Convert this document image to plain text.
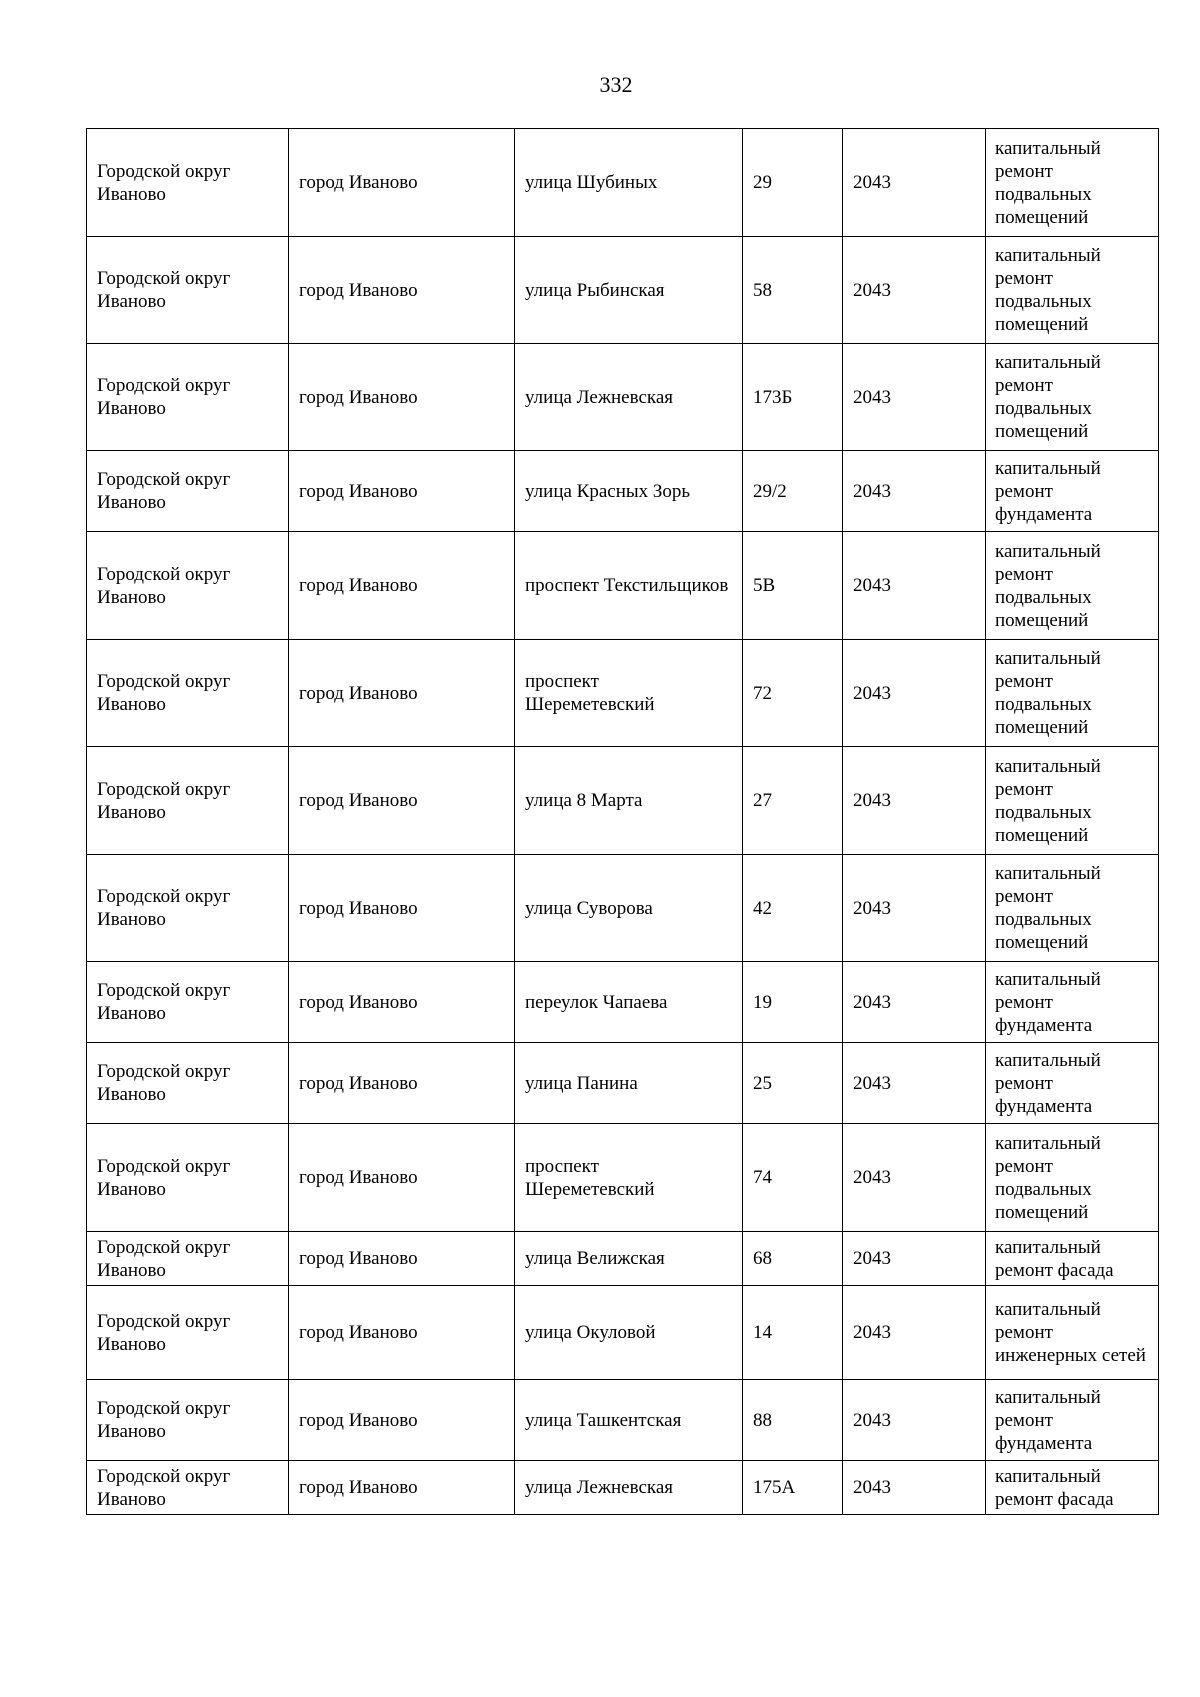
332
Городской округ Иваново	город Иваново	улица Шубиных	29	2043	капитальный ремонт подвальных помещений
Городской округ Иваново	город Иваново	улица Рыбинская	58	2043	капитальный ремонт подвальных помещений
Городской округ Иваново	город Иваново	улица Лежневская	173Б	2043	капитальный ремонт подвальных помещений
Городской округ Иваново	город Иваново	улица Красных Зорь	29/2	2043	капитальный ремонт фундамента
Городской округ Иваново	город Иваново	проспект Текстильщиков	5В	2043	капитальный ремонт подвальных помещений
Городской округ Иваново	город Иваново	проспект Шереметевский	72	2043	капитальный ремонт подвальных помещений
Городской округ Иваново	город Иваново	улица 8 Марта	27	2043	капитальный ремонт подвальных помещений
Городской округ Иваново	город Иваново	улица Суворова	42	2043	капитальный ремонт подвальных помещений
Городской округ Иваново	город Иваново	переулок Чапаева	19	2043	капитальный ремонт фундамента
Городской округ Иваново	город Иваново	улица Панина	25	2043	капитальный ремонт фундамента
Городской округ Иваново	город Иваново	проспект Шереметевский	74	2043	капитальный ремонт подвальных помещений
Городской округ Иваново	город Иваново	улица Велижская	68	2043	капитальный ремонт фасада
Городской округ Иваново	город Иваново	улица Окуловой	14	2043	капитальный ремонт инженерных сетей
Городской округ Иваново	город Иваново	улица Ташкентская	88	2043	капитальный ремонт фундамента
Городской округ Иваново	город Иваново	улица Лежневская	175А	2043	капитальный ремонт фасада
